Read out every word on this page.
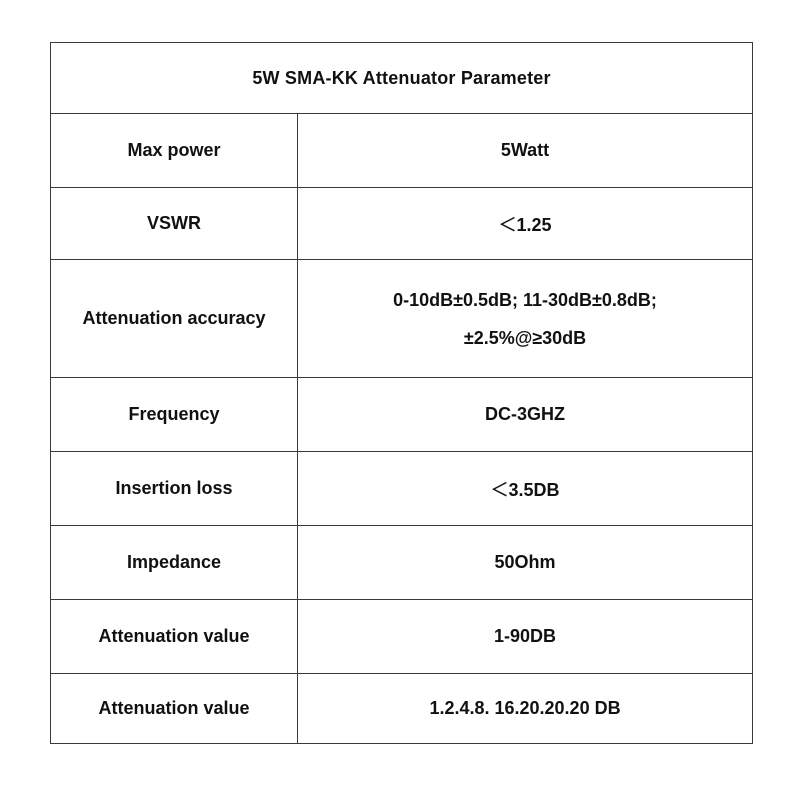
5W SMA-KK Attenuator Parameter	
Max power	5Watt
VSWR	＜1.25
Attenuation accuracy	0-10dB±0.5dB; 11-30dB±0.8dB;
±2.5%@≥30dB

Frequency	DC-3GHZ
Insertion loss	＜3.5DB
Impedance	50Ohm
Attenuation value	1-90DB
Attenuation value	1.2.4.8. 16.20.20.20 DB
